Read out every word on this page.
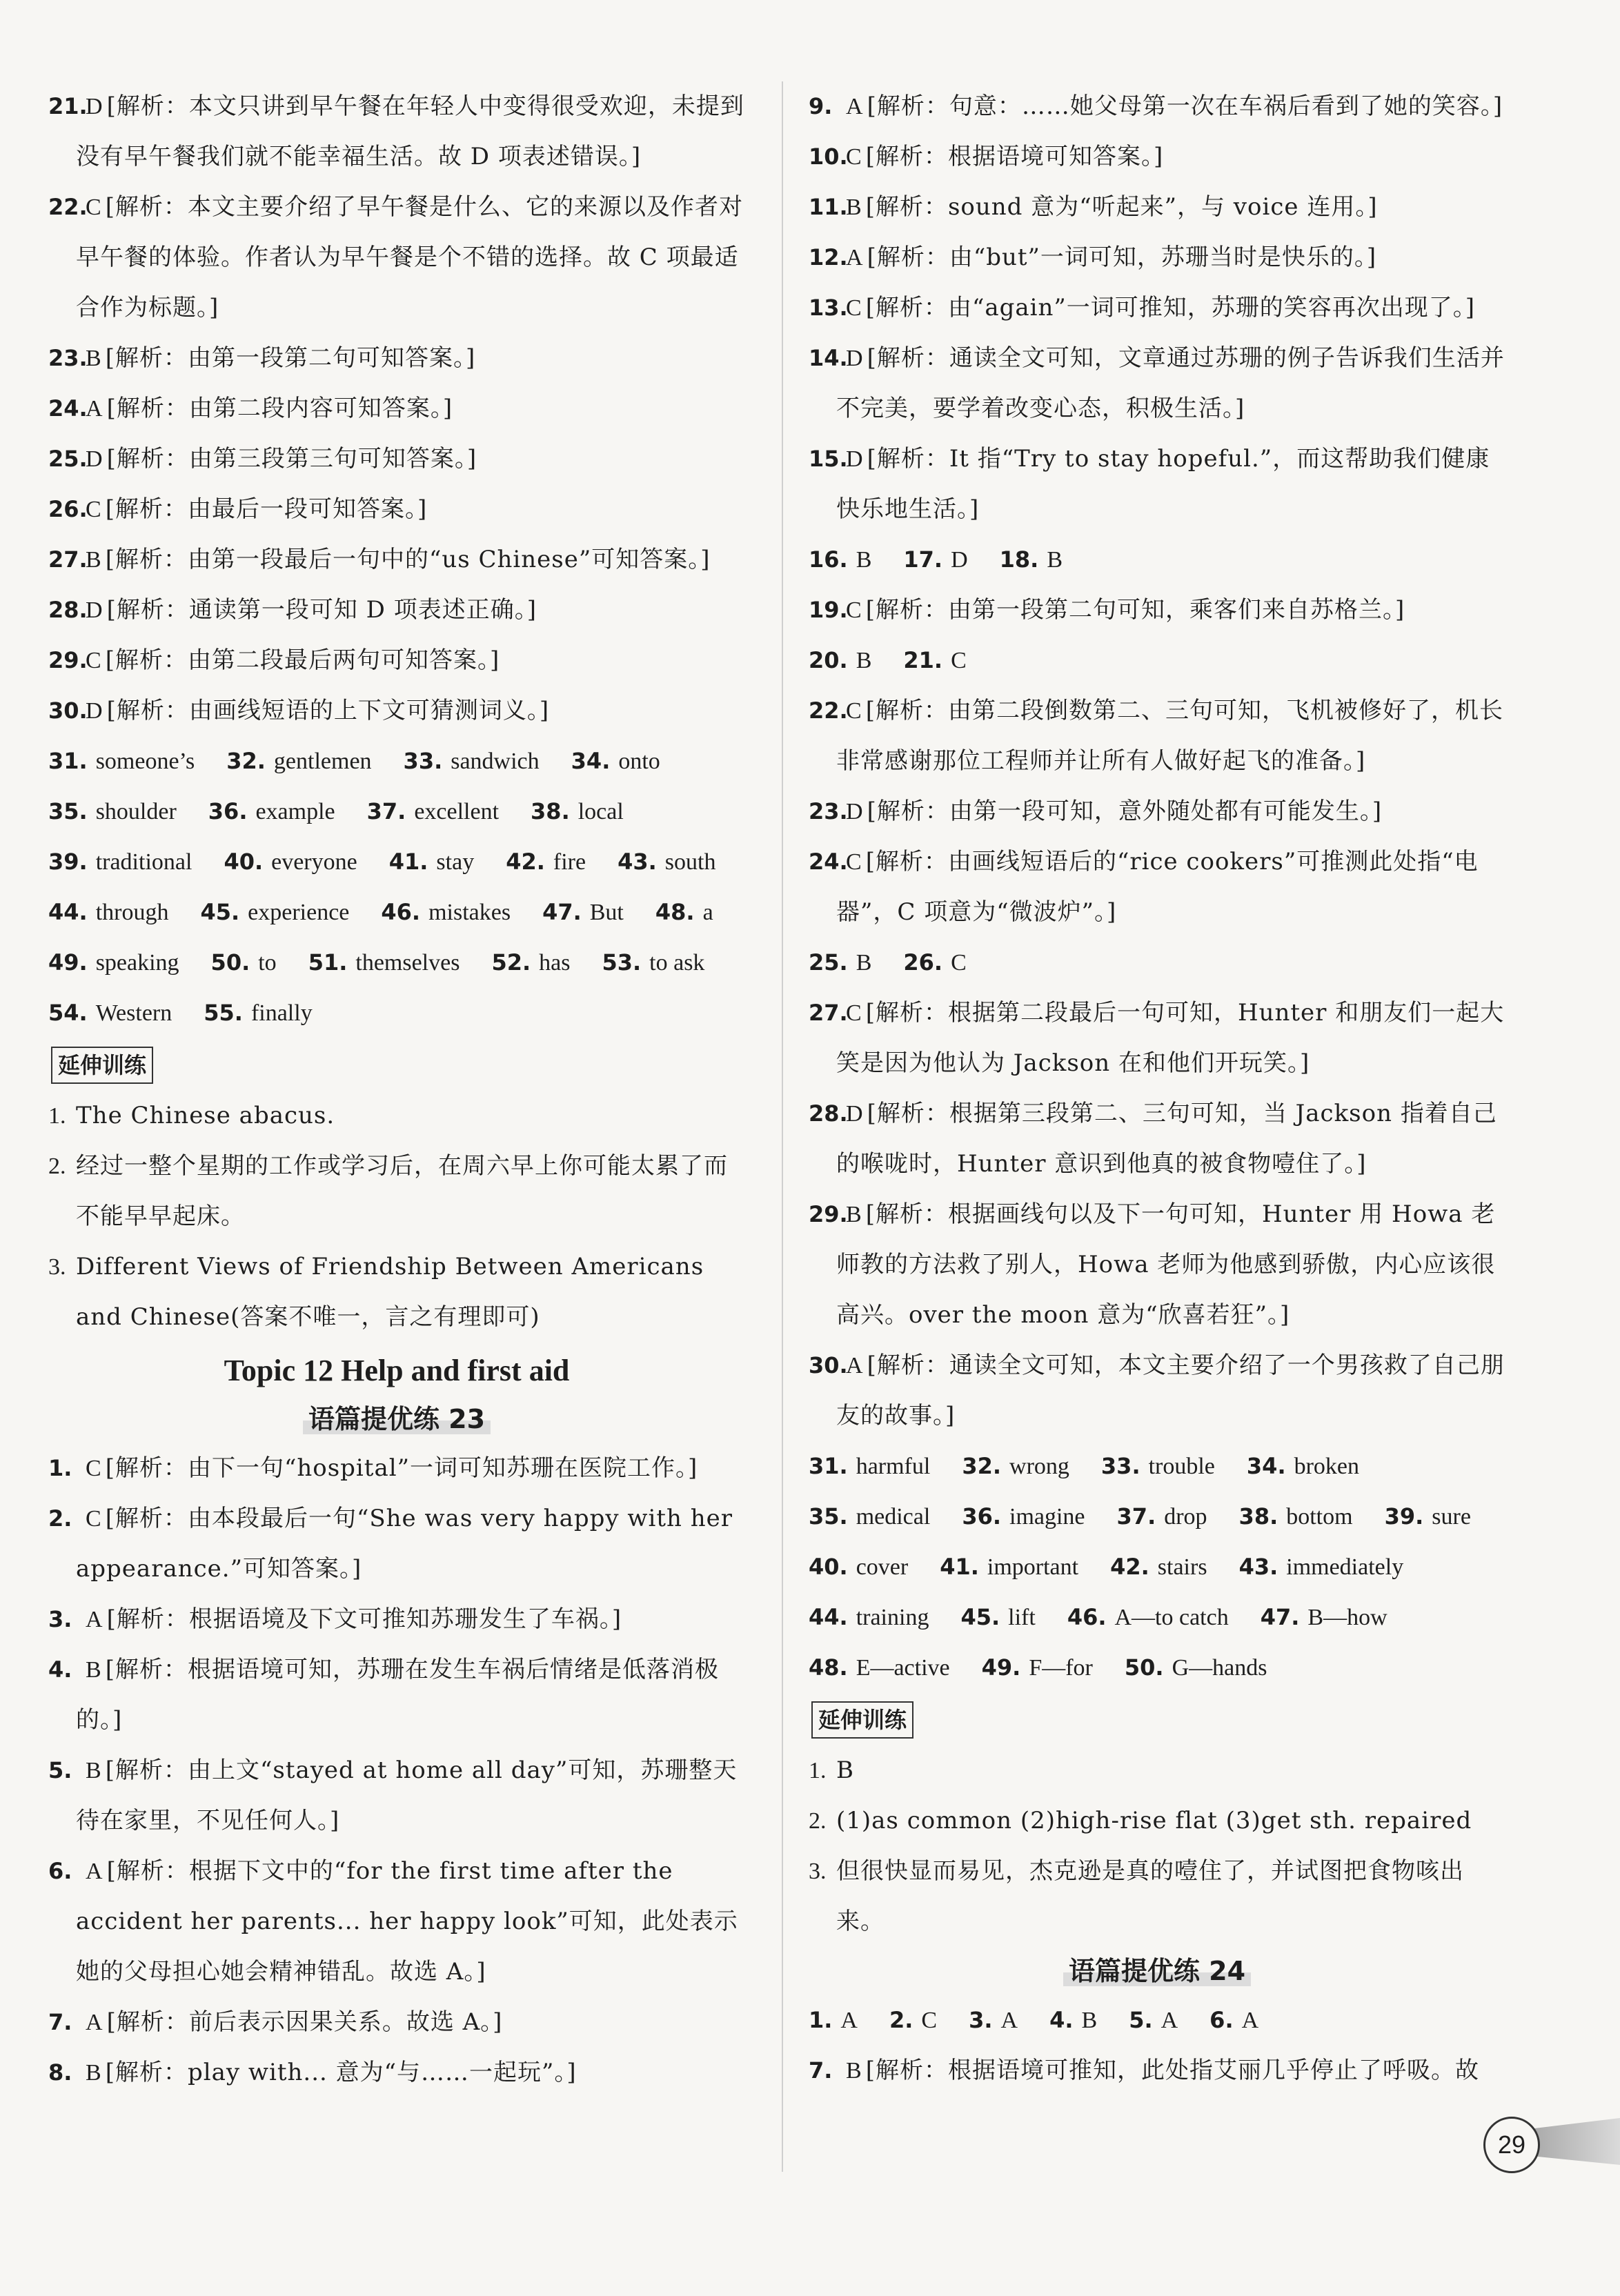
21.
D [解析：本文只讲到早午餐在年轻人中变得很受欢迎，未提到没有早午餐我们就不能幸福生活。故 D 项表述错误。]
22.
C [解析：本文主要介绍了早午餐是什么、它的来源以及作者对早午餐的体验。作者认为早午餐是个不错的选择。故 C 项最适合作为标题。]
23.
B [解析：由第一段第二句可知答案。]
24.
A [解析：由第二段内容可知答案。]
25.
D [解析：由第三段第三句可知答案。]
26.
C [解析：由最后一段可知答案。]
27.
B [解析：由第一段最后一句中的“us Chinese”可知答案。]
28.
D [解析：通读第一段可知 D 项表述正确。]
29.
C [解析：由第二段最后两句可知答案。]
30.
D [解析：由画线短语的上下文可猜测词义。]
31. someone’s 32. gentlemen 33. sandwich 34. onto
35. shoulder 36. example 37. excellent 38. local
39. traditional 40. everyone 41. stay 42. fire 43. south
44. through 45. experience 46. mistakes 47. But 48. a
49. speaking 50. to 51. themselves 52. has 53. to ask
54. Western 55. finally
延伸训练
1. The Chinese abacus.
2. 经过一整个星期的工作或学习后，在周六早上你可能太累了而不能早早起床。
3. Different Views of Friendship Between Americans and Chinese(答案不唯一，言之有理即可)
Topic 12 Help and first aid
语篇提优练 23
1. C [解析：由下一句“hospital”一词可知苏珊在医院工作。]
2. C [解析：由本段最后一句“She was very happy with her appearance.”可知答案。]
3. A [解析：根据语境及下文可推知苏珊发生了车祸。]
4. B [解析：根据语境可知，苏珊在发生车祸后情绪是低落消极的。]
5. B [解析：由上文“stayed at home all day”可知，苏珊整天待在家里，不见任何人。]
6. A [解析：根据下文中的“for the first time after the accident her parents... her happy look”可知，此处表示她的父母担心她会精神错乱。故选 A。]
7. A [解析：前后表示因果关系。故选 A。]
8. B [解析：play with... 意为“与……一起玩”。]
9. A [解析：句意：……她父母第一次在车祸后看到了她的笑容。]
10.
C [解析：根据语境可知答案。]
11.
B [解析：sound 意为“听起来”，与 voice 连用。]
12.
A [解析：由“but”一词可知，苏珊当时是快乐的。]
13.
C [解析：由“again”一词可推知，苏珊的笑容再次出现了。]
14.
D [解析：通读全文可知，文章通过苏珊的例子告诉我们生活并不完美，要学着改变心态，积极生活。]
15.
D [解析：It 指“Try to stay hopeful.”，而这帮助我们健康快乐地生活。]
16. B 17. D 18. B
19.
C [解析：由第一段第二句可知，乘客们来自苏格兰。]
20. B 21. C
22.
C [解析：由第二段倒数第二、三句可知，飞机被修好了，机长非常感谢那位工程师并让所有人做好起飞的准备。]
23.
D [解析：由第一段可知，意外随处都有可能发生。]
24.
C [解析：由画线短语后的“rice cookers”可推测此处指“电器”，C 项意为“微波炉”。]
25. B 26. C
27.
C [解析：根据第二段最后一句可知，Hunter 和朋友们一起大笑是因为他认为 Jackson 在和他们开玩笑。]
28.
D [解析：根据第三段第二、三句可知，当 Jackson 指着自己的喉咙时，Hunter 意识到他真的被食物噎住了。]
29.
B [解析：根据画线句以及下一句可知，Hunter 用 Howa 老师教的方法救了别人，Howa 老师为他感到骄傲，内心应该很高兴。over the moon 意为“欣喜若狂”。]
30.
A [解析：通读全文可知，本文主要介绍了一个男孩救了自己朋友的故事。]
31. harmful 32. wrong 33. trouble 34. broken
35. medical 36. imagine 37. drop 38. bottom 39. sure
40. cover 41. important 42. stairs 43. immediately
44. training 45. lift 46. A—to catch 47. B—how
48. E—active 49. F—for 50. G—hands
延伸训练
1. B
2. (1)as common (2)high-rise flat (3)get sth. repaired
3. 但很快显而易见，杰克逊是真的噎住了，并试图把食物咳出来。
语篇提优练 24
1. A 2. C 3. A 4. B 5. A 6. A
7. B [解析：根据语境可推知，此处指艾丽几乎停止了呼吸。故
29
